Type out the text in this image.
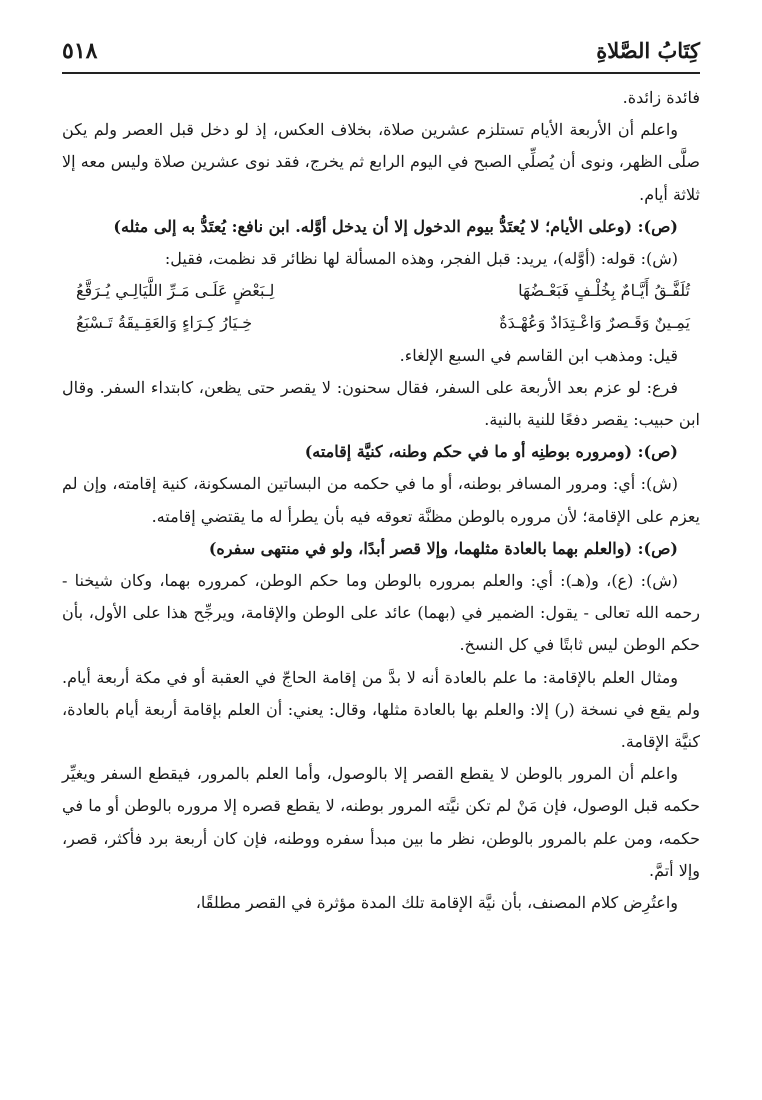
كِتَابُ الصَّلاةِ
٥١٨

فائدة زائدة.

واعلم أن الأربعة الأيام تستلزم عشرين صلاة، بخلاف العكس، إذ لو دخل قبل العصر ولم يكن صلَّى الظهر، ونوى أن يُصلِّي الصبح في اليوم الرابع ثم يخرج، فقد نوى عشرين صلاة وليس معه إلا ثلاثة أيام.

(ص): (وعلى الأيام؛ لا يُعتَدُّ بيوم الدخول إلا أن يدخل أوَّله. ابن نافع: يُعتَدُّ به إلى مثله)

(ش): قوله: (أوَّله)، يريد: قبل الفجر، وهذه المسألة لها نظائر قد نظمت، فقيل:

تُلَفَّـقُ أَيَّـامٌ بِخُلْـفٍ فَبَعْـضُهَا
لِـبَعْضٍ عَلَـى مَـرِّ اللَّيَالِـي يُـرَقَّعُ
يَمِـينٌ وَقَـصرٌ وَاعْـتِدَادٌ وَعُهْـدَةٌ
خِـيَارُ كِـرَاءٍ وَالعَقِـيقَةُ تَـسْبَعُ

قيل: ومذهب ابن القاسم في السبع الإلغاء.

فرع: لو عزم بعد الأربعة على السفر، فقال سحنون: لا يقصر حتى يظعن، كابتداء السفر. وقال ابن حبيب: يقصر دفعًا للنية بالنية.

(ص): (ومروره بوطنِه أو ما في حكم وطنه، كنيَّة إقامته)

(ش): أي: ومرور المسافر بوطنه، أو ما في حكمه من البساتين المسكونة، كنية إقامته، وإن لم يعزم على الإقامة؛ لأن مروره بالوطن مظنَّة تعوقه فيه بأن يطرأ له ما يقتضي إقامته.

(ص): (والعلم بهما بالعادة مثلهما، وإلا قصر أبدًا، ولو في منتهى سفره)

(ش): (ع)، و(هـ): أي: والعلم بمروره بالوطن وما حكم الوطن، كمروره بهما، وكان شيخنا - رحمه الله تعالى - يقول: الضمير في (بهما) عائد على الوطن والإقامة، ويرجِّح هذا على الأول، بأن حكم الوطن ليس ثابتًا في كل النسخ.

ومثال العلم بالإقامة: ما علم بالعادة أنه لا بدَّ من إقامة الحاجّ في العقبة أو في مكة أربعة أيام. ولم يقع في نسخة (ر) إلا: والعلم بها بالعادة مثلها، وقال: يعني: أن العلم بإقامة أربعة أيام بالعادة، كنيَّة الإقامة.

واعلم أن المرور بالوطن لا يقطع القصر إلا بالوصول، وأما العلم بالمرور، فيقطع السفر ويغيِّر حكمه قبل الوصول، فإن مَنْ لم تكن نيَّته المرور بوطنه، لا يقطع قصره إلا مروره بالوطن أو ما في حكمه، ومن علم بالمرور بالوطن، نظر ما بين مبدأ سفره ووطنه، فإن كان أربعة برد فأكثر، قصر، وإلا أتمَّ.

واعتُرِض كلام المصنف، بأن نيَّة الإقامة تلك المدة مؤثرة في القصر مطلقًا،
